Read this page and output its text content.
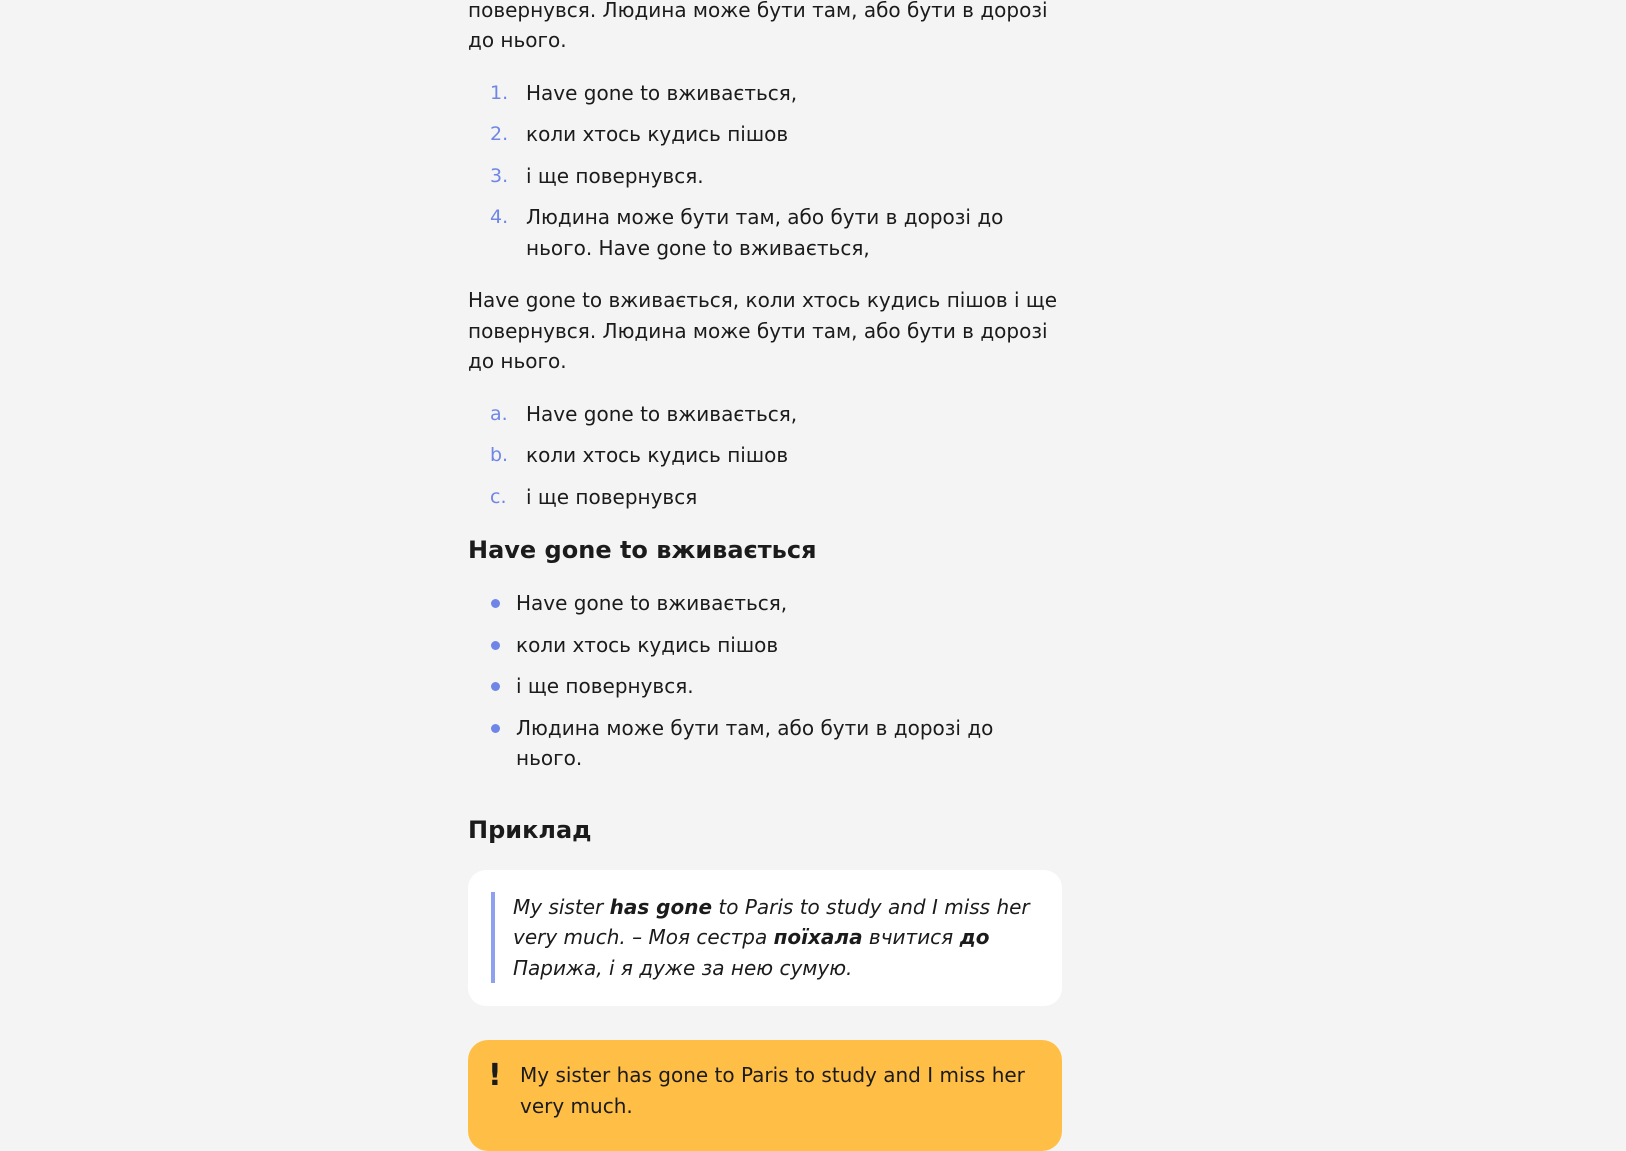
повернувся. Людина може бути там, або бути в дорозі до нього.

1. Have gone to вживається,
2. коли хтось кудись пішов
3. і ще повернувся.
4. Людина може бути там, або бути в дорозі до нього. Have gone to вживається,

Have gone to вживається, коли хтось кудись пішов і ще повернувся. Людина може бути там, або бути в дорозі до нього.

a. Have gone to вживається,
b. коли хтось кудись пішов
c. і ще повернувся
Have gone to вживається
Have gone to вживається,
коли хтось кудись пішов
і ще повернувся.
Людина може бути там, або бути в дорозі до нього.
Приклад
My sister has gone to Paris to study and I miss her very much. – Моя сестра поїхала вчитися до Парижа, і я дуже за нею сумую.
! My sister has gone to Paris to study and I miss her very much.
